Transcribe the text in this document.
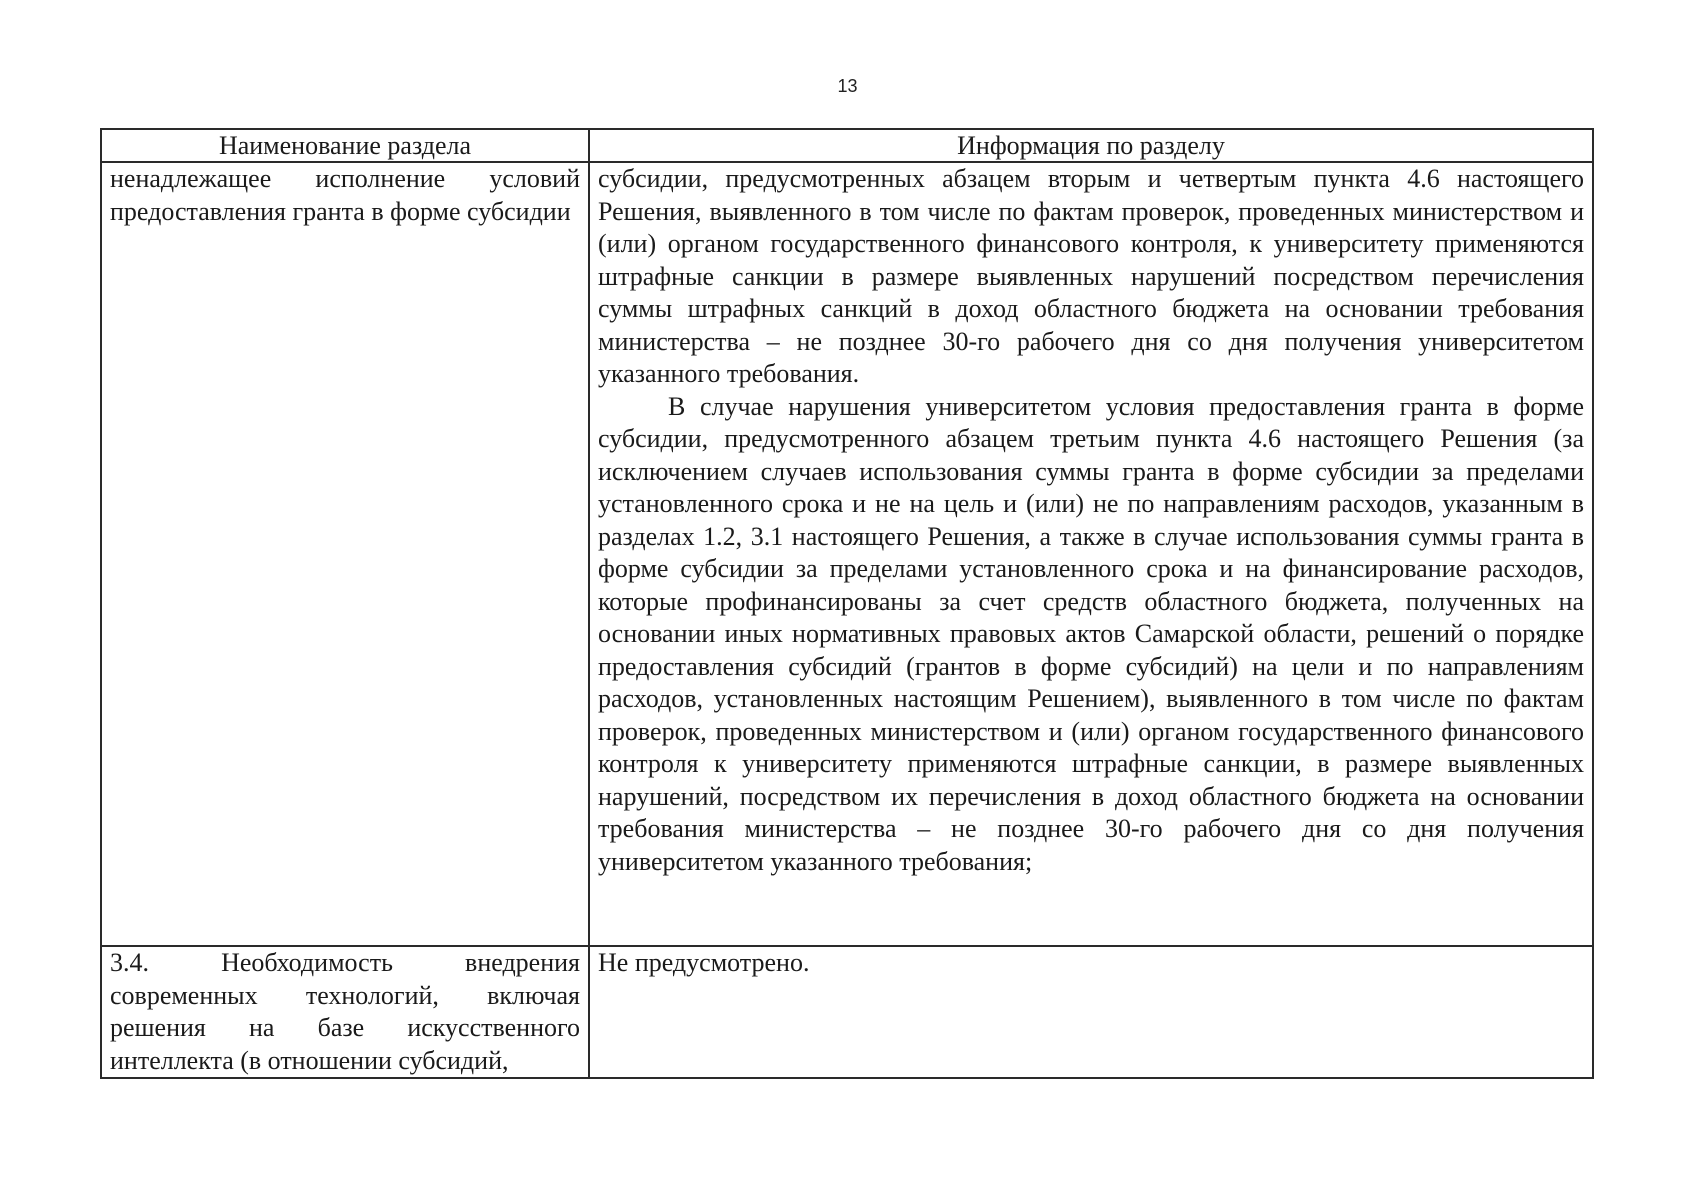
13
Наименование раздела	Информация по разделу

ненадлежащее исполнение условий предоставления гранта в форме субсидии	субсидии, предусмотренных абзацем вторым и четвертым пункта 4.6 настоящего Решения, выявленного в том числе по фактам проверок, проведенных министерством и (или) органом государственного финансового контроля, к университету применяются штрафные санкции в размере выявленных нарушений посредством перечисления суммы штрафных санкций в доход областного бюджета на основании требования министерства – не позднее 30-го рабочего дня со дня получения университетом указанного требования.

В случае нарушения университетом условия предоставления гранта в форме субсидии, предусмотренного абзацем третьим пункта 4.6 настоящего Решения (за исключением случаев использования суммы гранта в форме субсидии за пределами установленного срока и не на цель и (или) не по направлениям расходов, указанным в разделах 1.2, 3.1 настоящего Решения, а также в случае использования суммы гранта в форме субсидии за пределами установленного срока и на финансирование расходов, которые профинансированы за счет средств областного бюджета, полученных на основании иных нормативных правовых актов Самарской области, решений о порядке предоставления субсидий (грантов в форме субсидий) на цели и по направлениям расходов, установленных настоящим Решением), выявленного в том числе по фактам проверок, проведенных министерством и (или) органом государственного финансового контроля к университету применяются штрафные санкции, в размере выявленных нарушений, посредством их перечисления в доход областного бюджета на основании требования министерства – не позднее 30-го рабочего дня со дня получения университетом указанного требования;

3.4. Необходимость внедрения современных технологий, включая решения на базе искусственного интеллекта (в отношении субсидий,	Не предусмотрено.
